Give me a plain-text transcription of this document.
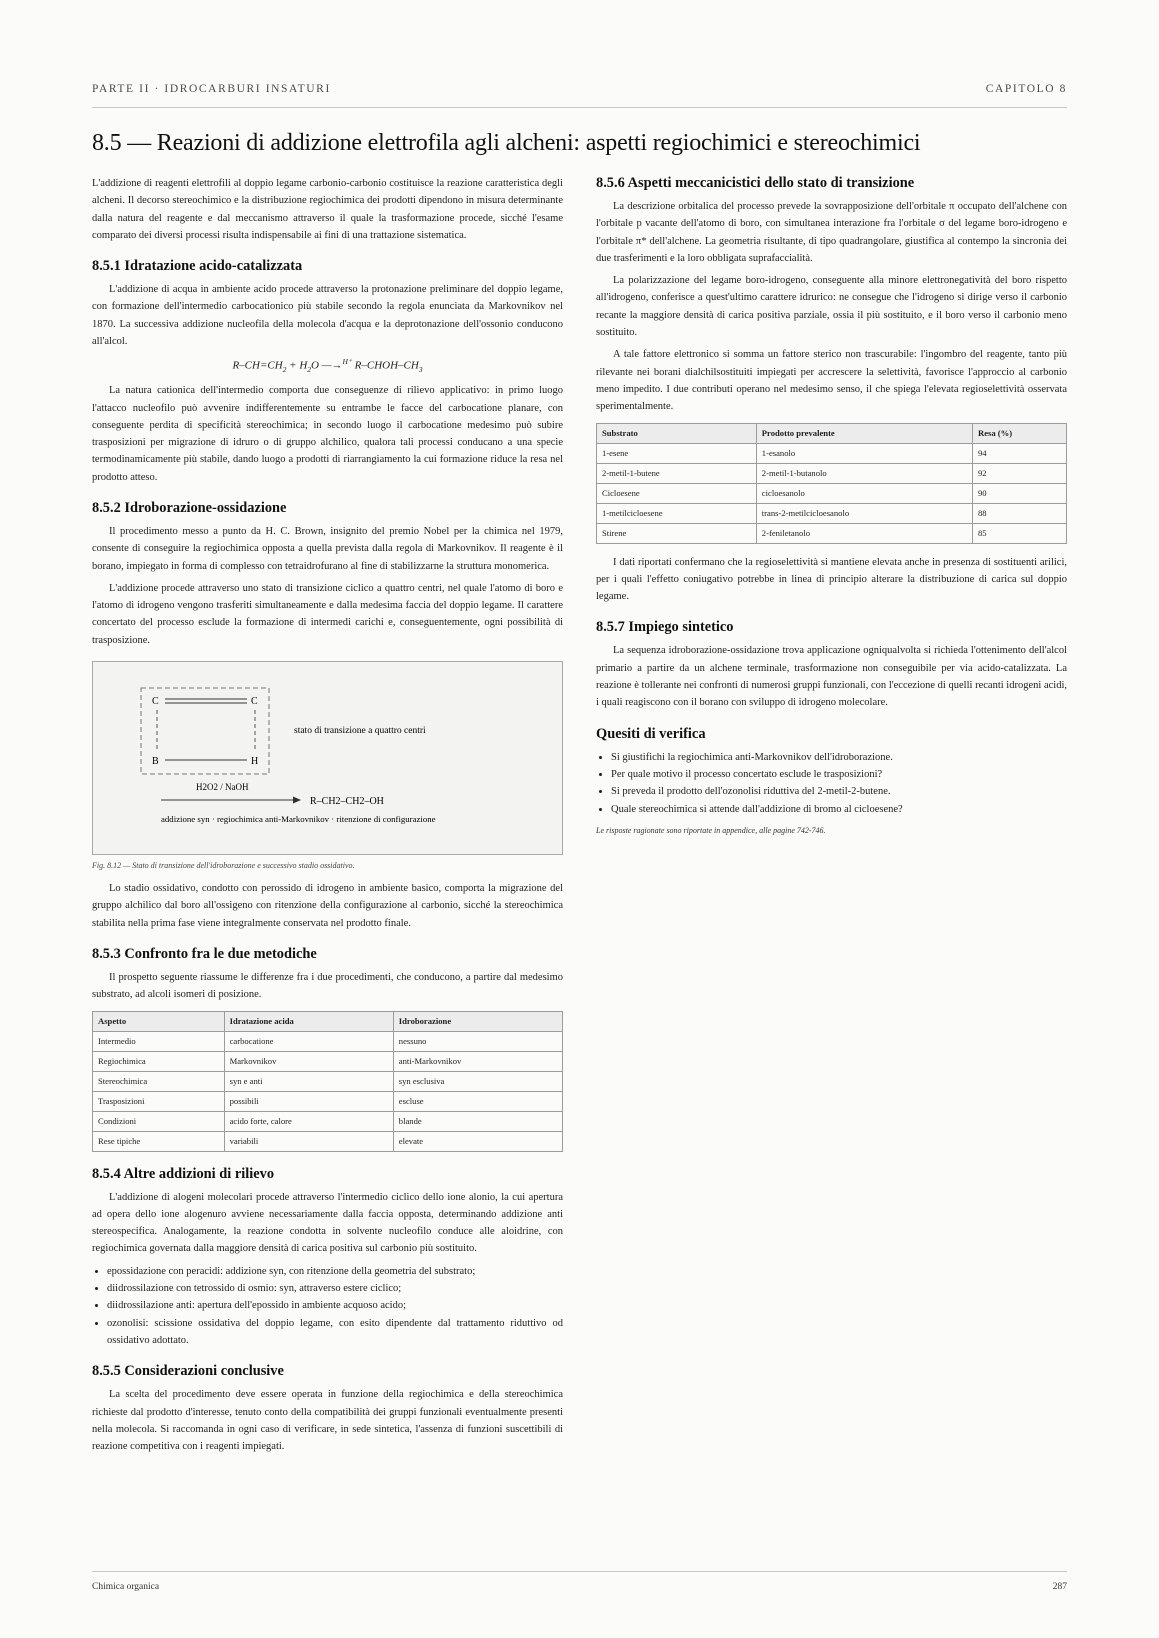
PARTE II · IDROCARBURI INSATURI	CAPITOLO 8
8.5 — Reazioni di addizione elettrofila agli alcheni: aspetti regiochimici e stereochimici

L'addizione di reagenti elettrofili al doppio legame carbonio-carbonio costituisce la reazione caratteristica degli alcheni. Il decorso stereochimico e la distribuzione regiochimica dei prodotti dipendono in misura determinante dalla natura del reagente e dal meccanismo attraverso il quale la trasformazione procede, sicché l'esame comparato dei diversi processi risulta indispensabile ai fini di una trattazione sistematica.

8.5.1 Idratazione acido-catalizzata

L'addizione di acqua in ambiente acido procede attraverso la protonazione preliminare del doppio legame, con formazione dell'intermedio carbocationico più stabile secondo la regola enunciata da Markovnikov nel 1870. La successiva addizione nucleofila della molecola d'acqua e la deprotonazione dell'ossonio conducono all'alcol.

$R-CH=CH_2 + H_2O$ —→$^{H^+}$ $R-CHOH-CH_3$

La natura cationica dell'intermedio comporta due conseguenze di rilievo applicativo: in primo luogo l'attacco nucleofilo può avvenire indifferentemente su entrambe le facce del carbocatione planare, con conseguente perdita di specificità stereochimica; in secondo luogo il carbocatione medesimo può subire trasposizioni per migrazione di idruro o di gruppo alchilico, qualora tali processi conducano a una specie termodinamicamente più stabile, dando luogo a prodotti di riarrangiamento la cui formazione riduce la resa nel prodotto atteso.

8.5.2 Idroborazione-ossidazione

Il procedimento messo a punto da H. C. Brown, insignito del premio Nobel per la chimica nel 1979, consente di conseguire la regiochimica opposta a quella prevista dalla regola di Markovnikov. Il reagente è il borano, impiegato in forma di complesso con tetraidrofurano al fine di stabilizzarne la struttura monomerica.

L'addizione procede attraverso uno stato di transizione ciclico a quattro centri, nel quale l'atomo di boro e l'atomo di idrogeno vengono trasferiti simultaneamente e dalla medesima faccia del doppio legame. Il carattere concertato del processo esclude la formazione di intermedi carichi e, conseguentemente, ogni possibilità di trasposizione.

C	C
B	H
stato di transizione a quattro centri
H2O2 / NaOH
R–CH2–CH2–OH
addizione syn · regiochimica anti-Markovnikov · ritenzione di configurazione
Fig. 8.12 — Stato di transizione dell'idroborazione e successivo stadio ossidativo.

Lo stadio ossidativo, condotto con perossido di idrogeno in ambiente basico, comporta la migrazione del gruppo alchilico dal boro all'ossigeno con ritenzione della configurazione al carbonio, sicché la stereochimica stabilita nella prima fase viene integralmente conservata nel prodotto finale.

8.5.3 Confronto fra le due metodiche

Il prospetto seguente riassume le differenze fra i due procedimenti, che conducono, a partire dal medesimo substrato, ad alcoli isomeri di posizione.

Aspetto	Idratazione acida	Idroborazione
Intermedio	carbocatione	nessuno
Regiochimica	Markovnikov	anti-Markovnikov
Stereochimica	syn e anti	syn esclusiva
Trasposizioni	possibili	escluse
Condizioni	acido forte, calore	blande
Rese tipiche	variabili	elevate
8.5.4 Altre addizioni di rilievo

L'addizione di alogeni molecolari procede attraverso l'intermedio ciclico dello ione alonio, la cui apertura ad opera dello ione alogenuro avviene necessariamente dalla faccia opposta, determinando addizione anti stereospecifica. Analogamente, la reazione condotta in solvente nucleofilo conduce alle aloidrine, con regiochimica governata dalla maggiore densità di carica positiva sul carbonio più sostituito.

• epossidazione con peracidi: addizione syn, con ritenzione della geometria del substrato;
• diidrossilazione con tetrossido di osmio: syn, attraverso estere ciclico;
• diidrossilazione anti: apertura dell'epossido in ambiente acquoso acido;
• ozonolisi: scissione ossidativa del doppio legame, con esito dipendente dal trattamento riduttivo od ossidativo adottato.
8.5.5 Considerazioni conclusive

La scelta del procedimento deve essere operata in funzione della regiochimica e della stereochimica richieste dal prodotto d'interesse, tenuto conto della compatibilità dei gruppi funzionali eventualmente presenti nella molecola. Si raccomanda in ogni caso di verificare, in sede sintetica, l'assenza di funzioni suscettibili di reazione competitiva con i reagenti impiegati.

8.5.6 Aspetti meccanicistici dello stato di transizione

La descrizione orbitalica del processo prevede la sovrapposizione dell'orbitale π occupato dell'alchene con l'orbitale p vacante dell'atomo di boro, con simultanea interazione fra l'orbitale σ del legame boro-idrogeno e l'orbitale π* dell'alchene. La geometria risultante, di tipo quadrangolare, giustifica al contempo la sincronia dei due trasferimenti e la loro obbligata suprafaccialità.

La polarizzazione del legame boro-idrogeno, conseguente alla minore elettronegatività del boro rispetto all'idrogeno, conferisce a quest'ultimo carattere idrurico: ne consegue che l'idrogeno si dirige verso il carbonio recante la maggiore densità di carica positiva parziale, ossia il più sostituito, e il boro verso il carbonio meno sostituito.

A tale fattore elettronico si somma un fattore sterico non trascurabile: l'ingombro del reagente, tanto più rilevante nei borani dialchilsostituiti impiegati per accrescere la selettività, favorisce l'approccio al carbonio meno impedito. I due contributi operano nel medesimo senso, il che spiega l'elevata regioselettività osservata sperimentalmente.

Substrato	Prodotto prevalente	Resa (%)
1-esene	1-esanolo	94
2-metil-1-butene	2-metil-1-butanolo	92
Cicloesene	cicloesanolo	90
1-metilcicloesene	trans-2-metilcicloesanolo	88
Stirene	2-feniletanolo	85

I dati riportati confermano che la regioselettività si mantiene elevata anche in presenza di sostituenti arilici, per i quali l'effetto coniugativo potrebbe in linea di principio alterare la distribuzione di carica sul doppio legame.

8.5.7 Impiego sintetico

La sequenza idroborazione-ossidazione trova applicazione ogniqualvolta si richieda l'ottenimento dell'alcol primario a partire da un alchene terminale, trasformazione non conseguibile per via acido-catalizzata. La reazione è tollerante nei confronti di numerosi gruppi funzionali, con l'eccezione di quelli recanti idrogeni acidi, i quali reagiscono con il borano con sviluppo di idrogeno molecolare.

Quesiti di verifica
• Si giustifichi la regiochimica anti-Markovnikov dell'idroborazione.
• Per quale motivo il processo concertato esclude le trasposizioni?
• Si preveda il prodotto dell'ozonolisi riduttiva del 2-metil-2-butene.
• Quale stereochimica si attende dall'addizione di bromo al cicloesene?
Le risposte ragionate sono riportate in appendice, alle pagine 742-746.
Chimica organica	287
